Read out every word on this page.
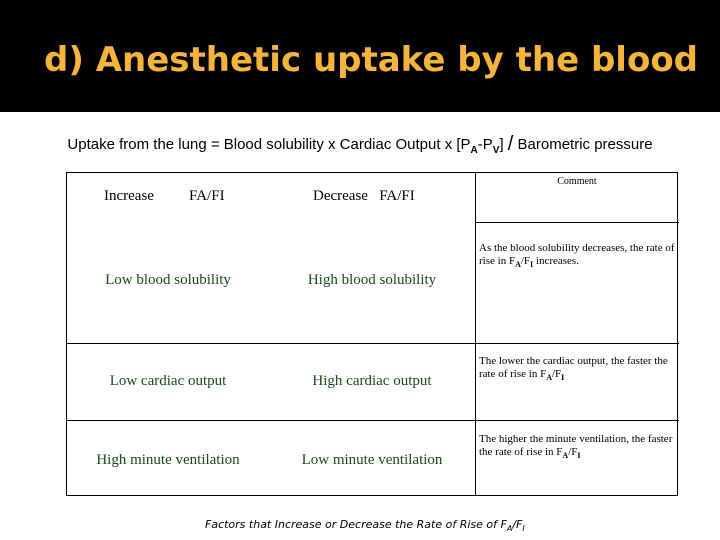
d) Anesthetic uptake by the blood
Uptake from the lung = Blood solubility x Cardiac Output x $[P_A-P_V]$ / Barometric pressure
Increase FA/FI	Decrease   FA/FI
Comment
Low blood solubility	High blood solubility
As the blood solubility decreases, the rate of rise in $F_A/F_I$ increases.
Low cardiac output	High cardiac output
The lower the cardiac output, the faster the rate of rise in $F_A/F_I$
High minute ventilation	Low minute ventilation
The higher the minute ventilation, the faster the rate of rise in $F_A/F_I$
Factors that Increase or Decrease the Rate of Rise of $F_A/F_I$
